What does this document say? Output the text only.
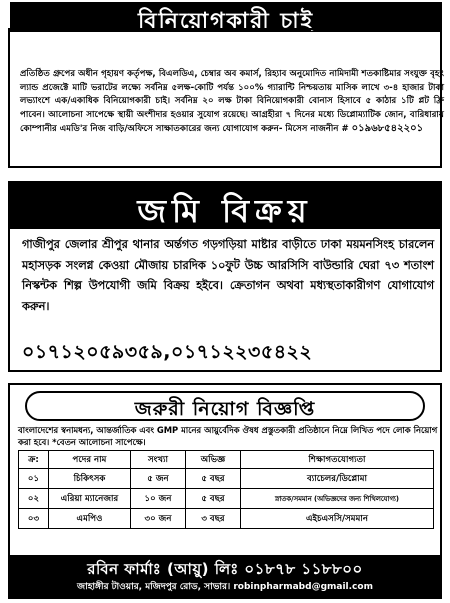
বিনিয়োগকারী চাই
প্রতিষ্ঠিত গ্রুপের অধীন গৃহায়ণ কর্তৃপক্ষ, বিএলডিএ, চেম্বার অব কমার্স, রিহ্যাব অনুমোদিত নামিদামী শতকাষ্টিমার সংযুক্ত বৃহৎ ল্যান্ড প্রজেক্টে মাটি ভরাটের লক্ষ্যে সর্বনিম্ন ৫লক্ষ-কোটি পর্যন্ত ১০০% গ্যারান্টি নিশ্চয়তায় মাসিক লাখে ৩-৪ হাজার টাকা লভ্যাংশে এক/একাধিক বিনিয়োগকারী চাই। সর্বনিম্ন ২০ লক্ষ টাকা বিনিয়োগকারী বোনাস হিসাবে ৫ কাঠার ১টি প্লট ফ্রি পাবেন। আলোচনা সাপেক্ষে স্থায়ী অংশীদার হওয়ার সুযোগ রয়েছে। আগ্রহীরা ৭ দিনের মধ্যে ডিপ্লোম্যাটিক জোন, বারিধারায় কোম্পানীর এমডি'র নিজ বাড়ি/অফিসে সাক্ষাতকারের জন্য যোগাযোগ করুন- মিসেস নাজনীন # ০১৯৬৮৫৪২২০১
জমি বিক্রয়
গাজীপুর জেলার শ্রীপুর থানার অর্ন্তগত গড়গড়িয়া মাষ্টার বাড়ীতে ঢাকা ময়মনসিংহ চারলেন মহাসড়ক সংলগ্ন কেওয়া মৌজায় চারদিক ১০ফুট উচ্চ আরসিসি বাউন্ডারি ঘেরা ৭৩ শতাংশ নিস্কন্টক শিল্প উপযোগী জমি বিক্রয় হইবে। ক্রেতাগন অথবা মধ্যস্থতাকারীগণ যোগাযোগ করুন।
০১৭১২০৫৯৩৫৯,০১৭১২২৩৫৪২২
জরুরী নিয়োগ বিজ্ঞপ্তি
বাংলাদেশের স্বনামধন্য, আন্তর্জাতিক এবং GMP মানের আয়ুর্বেদিক ঔষধ প্রস্তুতকারী প্রতিষ্ঠানে নিম্নে লিখিত পদে লোক নিয়োগ করা হবে। *বেতন আলোচনা সাপেক্ষে।
ক্র:	পদের নাম	সংখ্যা	অভিজ্ঞ	শিক্ষাগতযোগ্যতা
০১	চিকিৎসক	৫ জন	৫ বছর	ব্যাচেলর/ডিপ্লোমা
০২	এরিয়া ম্যানেজার	১০ জন	৫ বছর	স্নাতক/সমমান (অভিজ্ঞদের জন্য শিথিলযোগ্য)
০৩	এমপিও	৩০ জন	৩ বছর	এইচএসসি/সমমান
রবিন ফার্মাঃ (আয়ু) লিঃ ০১৮৭৮ ১১৮৮০০
জাহাঙ্গীর টাওয়ার, মজিদপুর রোড, সাভার। robinpharmabd@gmail.com
